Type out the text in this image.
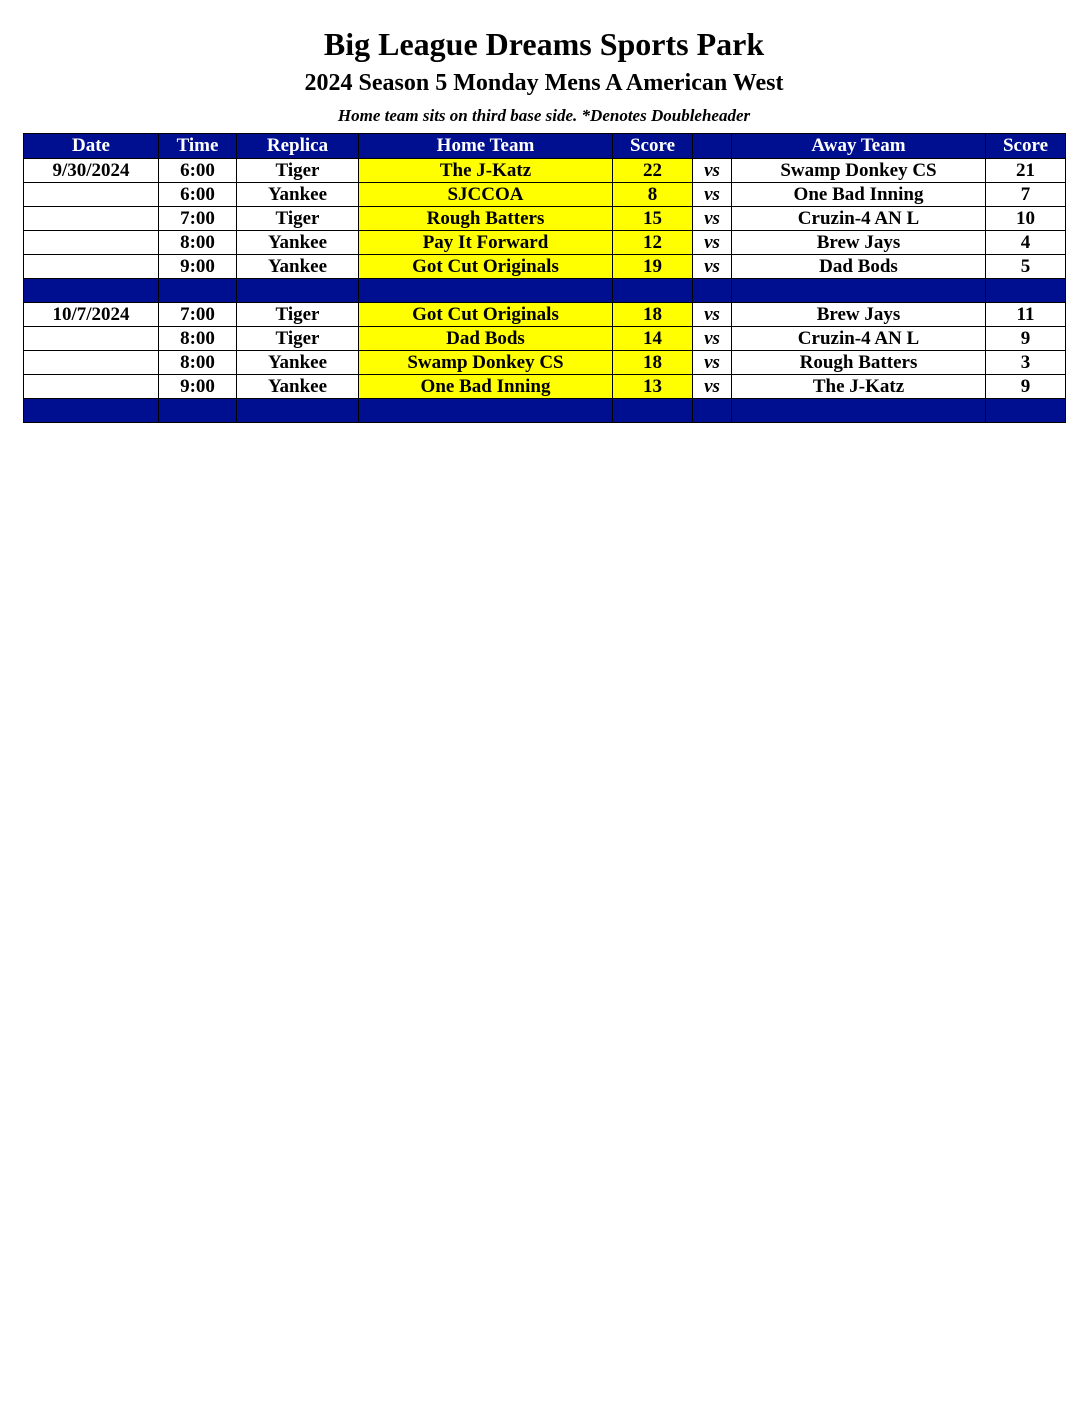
Big League Dreams Sports Park
2024 Season 5 Monday Mens A American West
Home team sits on third base side. *Denotes Doubleheader
Date	Time	Replica	Home Team	Score		Away Team	Score
9/30/2024	6:00	Tiger	The J-Katz	22	vs	Swamp Donkey CS	21
	6:00	Yankee	SJCCOA	8	vs	One Bad Inning	7
	7:00	Tiger	Rough Batters	15	vs	Cruzin-4 AN L	10
	8:00	Yankee	Pay It Forward	12	vs	Brew Jays	4
	9:00	Yankee	Got Cut Originals	19	vs	Dad Bods	5

10/7/2024	7:00	Tiger	Got Cut Originals	18	vs	Brew Jays	11
	8:00	Tiger	Dad Bods	14	vs	Cruzin-4 AN L	9
	8:00	Yankee	Swamp Donkey CS	18	vs	Rough Batters	3
	9:00	Yankee	One Bad Inning	13	vs	The J-Katz	9
